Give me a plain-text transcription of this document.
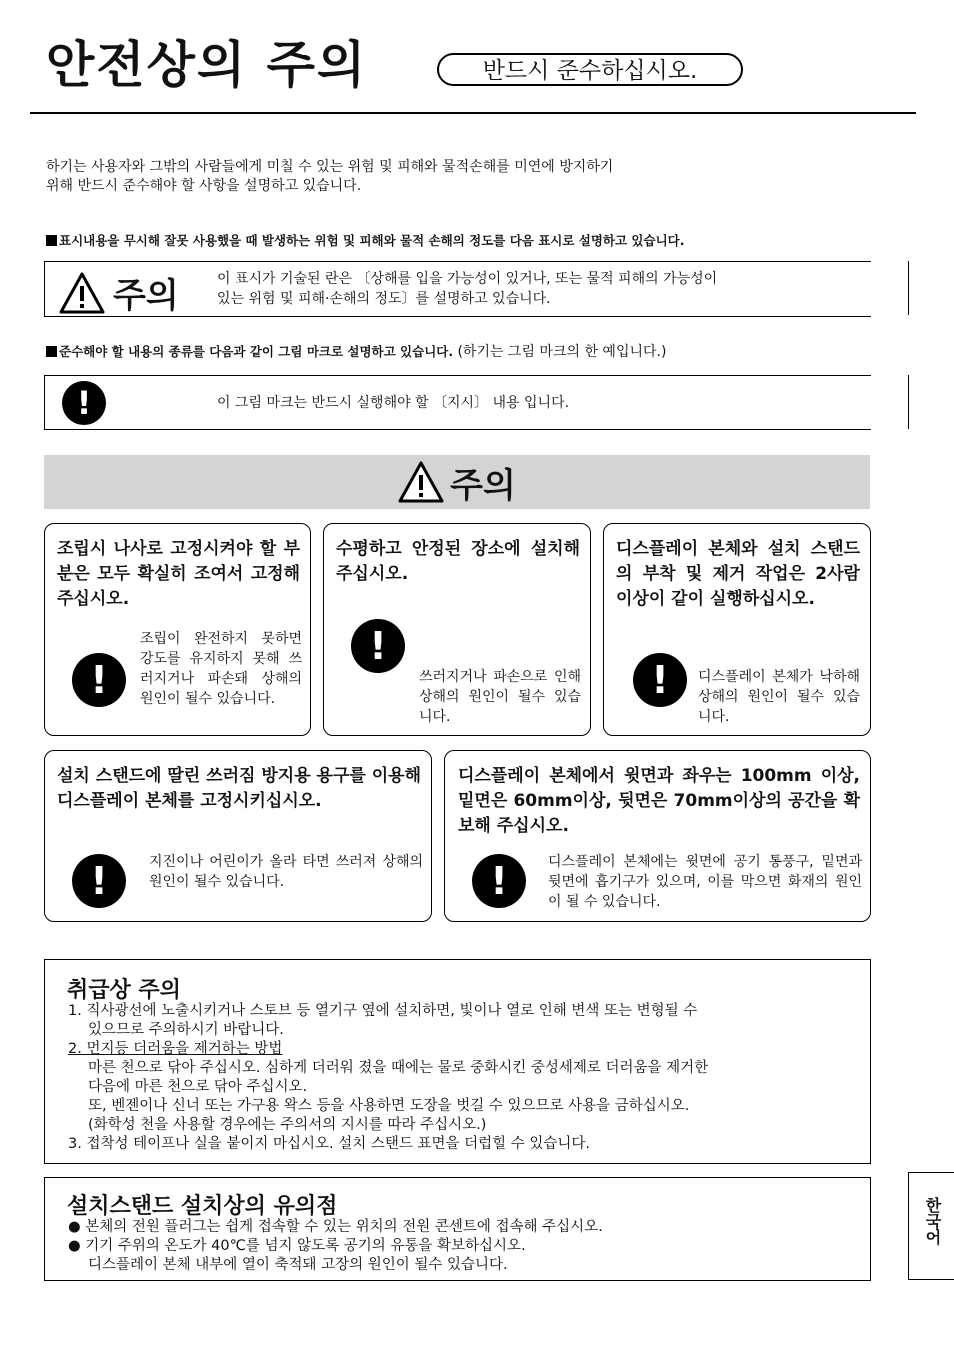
안전상의 주의	반드시 준수하십시오.
하기는 사용자와 그밖의 사람들에게 미칠 수 있는 위험 및 피해와 물적손해를 미연에 방지하기
위해 반드시 준수해야 할 사항을 설명하고 있습니다.
표시내용을 무시해 잘못 사용했을 때 발생하는 위험 및 피해와 물적 손해의 정도를 다음 표시로 설명하고 있습니다.
주의	이 표시가 기술된 란은 〔상해를 입을 가능성이 있거나, 또는 물적 피해의 가능성이
있는 위험 및 피해·손해의 정도〕를 설명하고 있습니다.
준수해야 할 내용의 종류를 다음과 같이 그림 마크로 설명하고 있습니다. (하기는 그림 마크의 한 예입니다.)
!	이 그림 마크는 반드시 실행해야 할 〔지시〕 내용 입니다.
주의
조립시 나사로 고정시켜야 할 부분은 모두 확실히 조여서 고정해 주십시오.
!
조립이 완전하지 못하면 강도를 유지하지 못해 쓰러지거나 파손돼 상해의 원인이 될수 있습니다.
수평하고 안정된 장소에 설치해 주십시오.
!
쓰러지거나 파손으로 인해 상해의 원인이 될수 있습니다.
디스플레이 본체와 설치 스탠드의 부착 및 제거 작업은 2사람 이상이 같이 실행하십시오.
! 디스플레이 본체가 낙하해 상해의 원인이 될수 있습니다.
설치 스탠드에 딸린 쓰러짐 방지용 용구를 이용해 디스플레이 본체를 고정시키십시오.
!	지진이나 어린이가 올라 타면 쓰러져 상해의 원인이 될수 있습니다.
디스플레이 본체에서 윗면과 좌우는 100mm 이상, 밑면은 60mm이상, 뒷면은 70mm이상의 공간을 확보해 주십시오.
!	디스플레이 본체에는 윗면에 공기 통풍구, 밑면과 뒷면에 흡기구가 있으며, 이를 막으면 화재의 원인이 될 수 있습니다.
취급상 주의
1. 직사광선에 노출시키거나 스토브 등 열기구 옆에 설치하면, 빛이나 열로 인해 변색 또는 변형될 수
있으므로 주의하시기 바랍니다.
2. 먼지등 더러움을 제거하는 방법
마른 천으로 닦아 주십시오. 심하게 더러워 졌을 때에는 물로 중화시킨 중성세제로 더러움을 제거한
다음에 마른 천으로 닦아 주십시오.
또, 벤젠이나 신너 또는 가구용 왁스 등을 사용하면 도장을 벗길 수 있으므로 사용을 금하십시오.
(화학성 천을 사용할 경우에는 주의서의 지시를 따라 주십시오.)
3. 접착성 테이프나 실을 붙이지 마십시오. 설치 스탠드 표면을 더럽힐 수 있습니다.
설치스탠드 설치상의 유의점
● 본체의 전원 플러그는 쉽게 접속할 수 있는 위치의 전원 콘센트에 접속해 주십시오.
● 기기 주위의 온도가 40℃를 넘지 않도록 공기의 유통을 확보하십시오.
디스플레이 본체 내부에 열이 축적돼 고장의 원인이 될수 있습니다.
한국어
